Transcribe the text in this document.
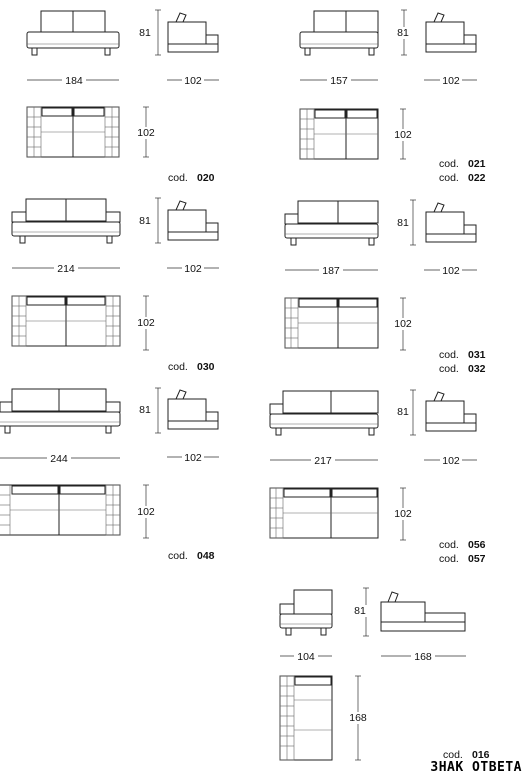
81
184	102
102
cod. 020
81
157	102
102
cod. 021
cod. 022
81
214	102
102
cod. 030
81
187	102
102
cod. 031
cod. 032
81
244	102
102
cod. 048
81
217	102
102
cod. 056
cod. 057
81
104	168
168
cod. 016
ЗНАК ОТВЕТА
